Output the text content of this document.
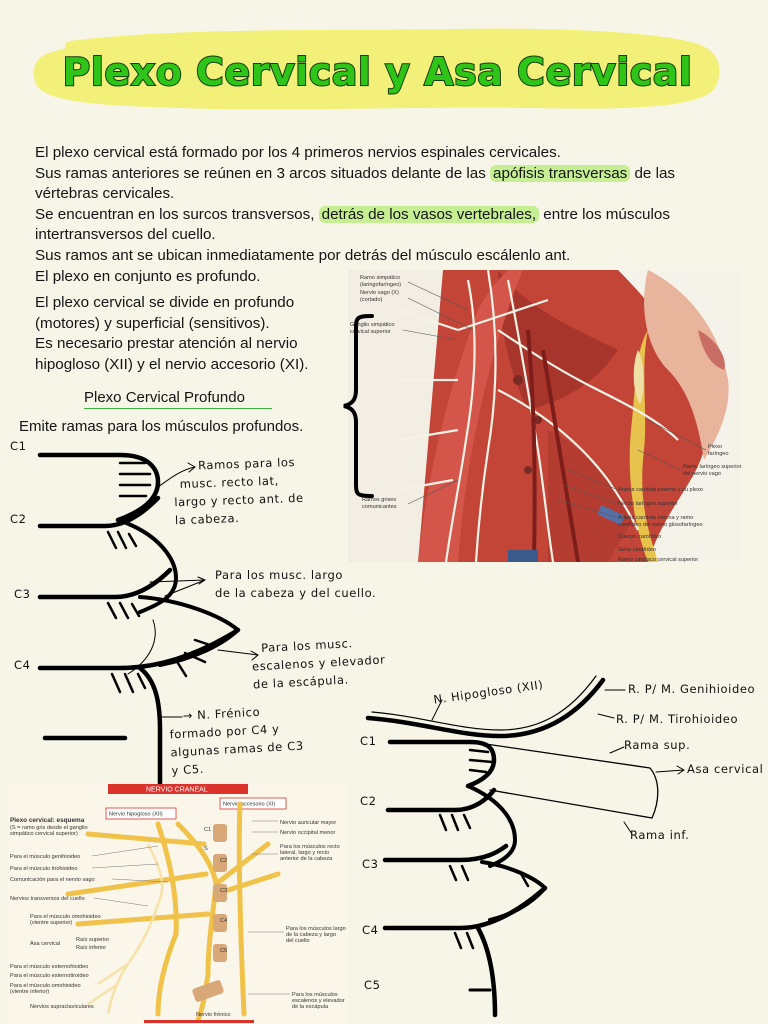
Plexo Cervical y Asa Cervical
El plexo cervical está formado por los 4 primeros nervios espinales cervicales.
Sus ramas anteriores se reúnen en 3 arcos situados delante de las apófisis transversas de las
vértebras cervicales.
Se encuentran en los surcos transversos, detrás de los vasos vertebrales, entre los músculos
intertransversos del cuello.
Sus ramos ant se ubican inmediatamente por detrás del músculo escálenlo ant.
El plexo en conjunto es profundo.
El plexo cervical se divide en profundo
(motores) y superficial (sensitivos).
Es necesario prestar atención al nervio
hipogloso (XII) y el nervio accesorio (XI).
Plexo Cervical Profundo
Emite ramas para los músculos profundos.
C1
C2
C3
C4
Ramos para los
musc. recto lat,
largo y recto ant. de
la cabeza.
Para los musc. largo
de la cabeza y del cuello.
Para los musc.
escalenos y elevador
de la escápula.
→ N. Frénico
formado por C4 y
algunas ramas de C3
y C5.
Ramo simpático
(laringofaríngeo)
Nervio vago (X)
(cortado)
Ganglio simpático
cervical superior
Ramos grises
comunicantes
Plexo
faríngeo
Ramo laríngeo superior
del nervio vago
Arteria carótida externa y su plexo
Nervio laríngeo superior
Arteria carótida interna y ramo
carotídeo del nervio glosofaríngeo
Cuerpo carotídeo
Seno carotídeo
Ramo cardíaco cervical superior
C1
C2
C3
C4
C5
N. Hipogloso (XII)	R. P/ M. Genihioideo
R. P/ M. Tirohioideo
Rama sup.
Asa cervical
Rama inf.
NERVIO CRANEAL
Nervio hipogloso (XII)
Nervio accesorio (XI)
C1
C2
C3
C4
C5
S
Plexo cervical: esquema
(S = ramo gris desde el ganglio
simpático cervical superior)
Para el músculo genihioideo
Para el músculo tirohioideo
Comunicación para el nervio vago
Nervios transversos del cuello
Para el músculo omohioideo
(vientre superior)
Asa cervical
Raíz superior
Raíz inferior
Para el músculo esternohioideo
Para el músculo esternotiroideo
Para el músculo omohioideo
(vientre inferior)
Nervios supraclaviculares
Nervio auricular mayor
Nervio occipital menor
Para los músculos recto
lateral, largo y recto
anterior de la cabeza
Para los músculos largo
de la cabeza y largo
del cuello
Para los músculos
escalenos y elevador
de la escápula
Nervio frénico
